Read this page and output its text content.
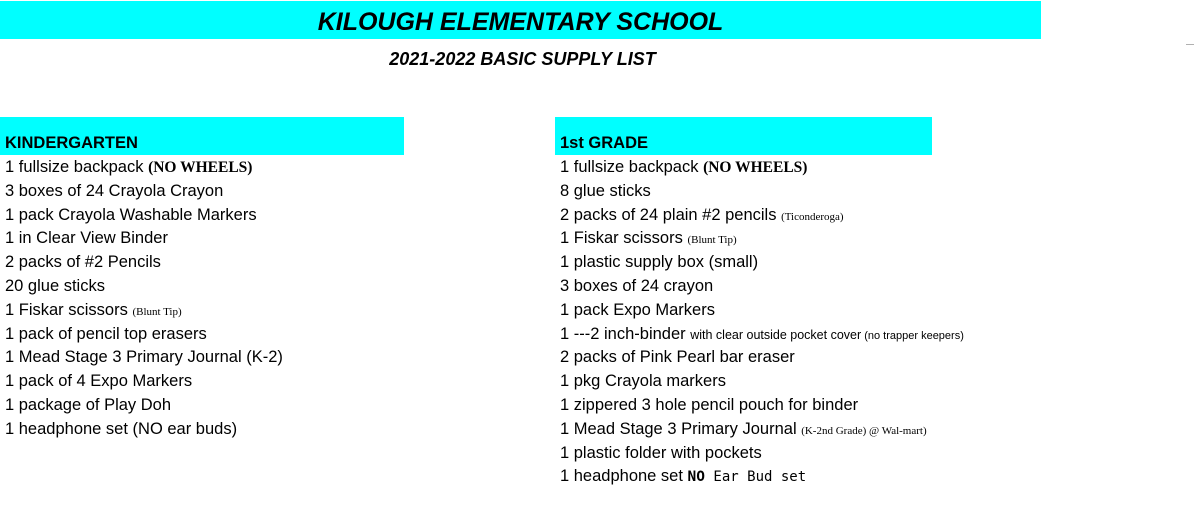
KILOUGH ELEMENTARY SCHOOL
2021-2022 BASIC SUPPLY LIST
KINDERGARTEN
1 fullsize backpack (NO WHEELS)
3 boxes of 24 Crayola Crayon
1 pack Crayola Washable Markers
1 in Clear View Binder
2 packs of #2 Pencils
20 glue sticks
1 Fiskar scissors (Blunt Tip)
1 pack of pencil top erasers
1 Mead Stage 3 Primary Journal (K-2)
1 pack of 4 Expo Markers
1 package of Play Doh
1 headphone set (NO ear buds)
1st GRADE
1 fullsize backpack (NO WHEELS)
8 glue sticks
2 packs of 24 plain #2 pencils (Ticonderoga)
1 Fiskar scissors (Blunt Tip)
1 plastic supply box (small)
3 boxes of 24 crayon
1 pack Expo Markers
1 ---2 inch-binder with clear outside pocket cover (no trapper keepers)
2 packs of Pink Pearl bar eraser
1 pkg Crayola markers
1 zippered 3 hole pencil pouch for binder
1 Mead Stage 3 Primary Journal (K-2nd Grade) @ Wal-mart)
1 plastic folder with pockets
1 headphone set NO Ear Bud set
